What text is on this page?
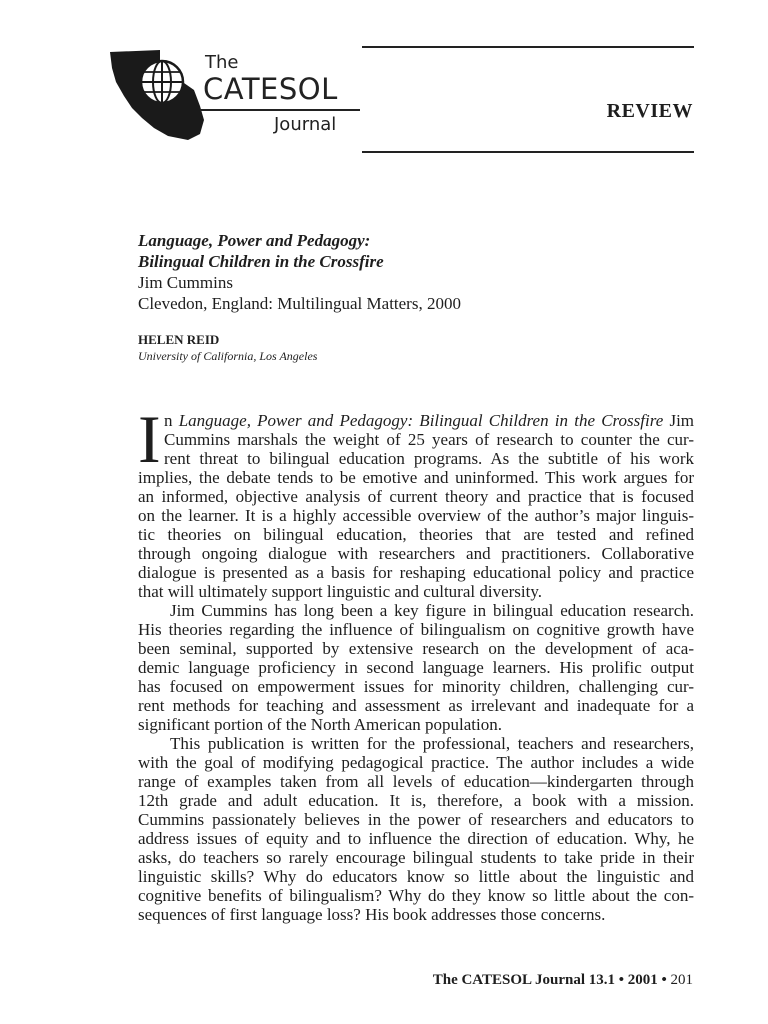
The
CATESOL
Journal
REVIEW
Language, Power and Pedagogy:
Bilingual Children in the Crossfire
Jim Cummins
Clevedon, England: Multilingual Matters, 2000
HELEN REID
University of California, Los Angeles
I n Language, Power and Pedagogy: Bilingual Children in the Crossfire Jim
Cummins marshals the weight of 25 years of research to counter the cur-
rent threat to bilingual education programs. As the subtitle of his work
implies, the debate tends to be emotive and uninformed. This work argues for
an informed, objective analysis of current theory and practice that is focused
on the learner. It is a highly accessible overview of the author’s major linguis-
tic theories on bilingual education, theories that are tested and refined
through ongoing dialogue with researchers and practitioners. Collaborative
dialogue is presented as a basis for reshaping educational policy and practice
that will ultimately support linguistic and cultural diversity.
Jim Cummins has long been a key figure in bilingual education research.
His theories regarding the influence of bilingualism on cognitive growth have
been seminal, supported by extensive research on the development of aca-
demic language proficiency in second language learners. His prolific output
has focused on empowerment issues for minority children, challenging cur-
rent methods for teaching and assessment as irrelevant and inadequate for a
significant portion of the North American population.
This publication is written for the professional, teachers and researchers,
with the goal of modifying pedagogical practice. The author includes a wide
range of examples taken from all levels of education—kindergarten through
12th grade and adult education. It is, therefore, a book with a mission.
Cummins passionately believes in the power of researchers and educators to
address issues of equity and to influence the direction of education. Why, he
asks, do teachers so rarely encourage bilingual students to take pride in their
linguistic skills? Why do educators know so little about the linguistic and
cognitive benefits of bilingualism? Why do they know so little about the con-
sequences of first language loss? His book addresses those concerns.
The CATESOL Journal 13.1 • 2001 • 201
